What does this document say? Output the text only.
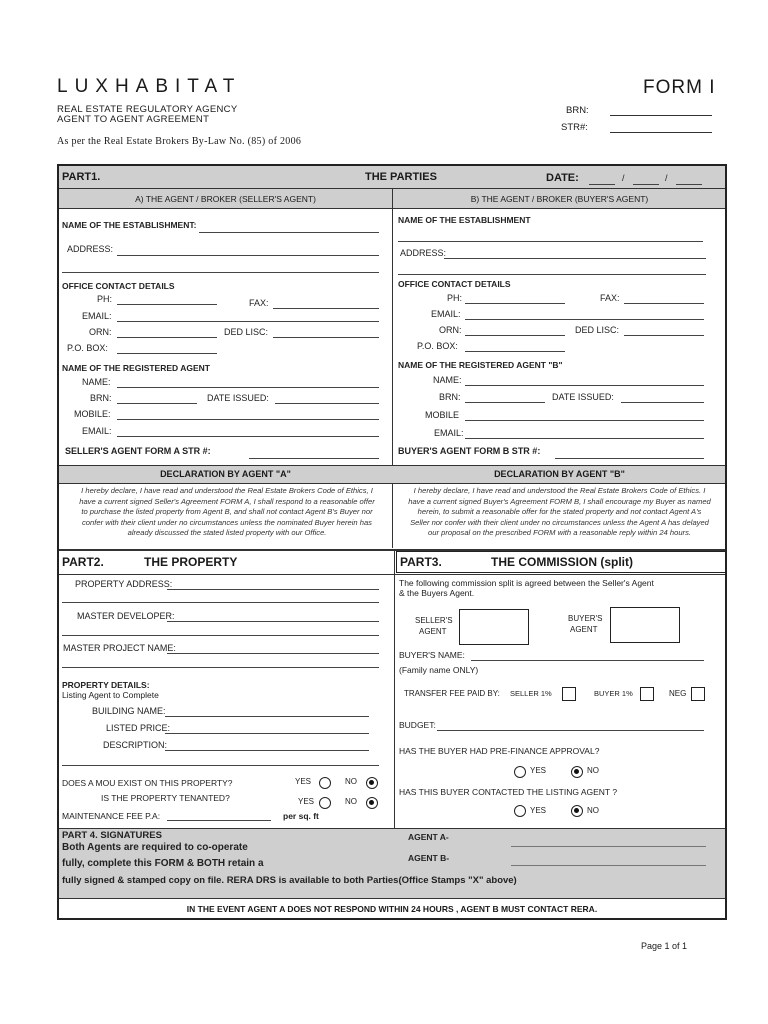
LUXHABITAT	FORM I
REAL ESTATE REGULATORY AGENCY
AGENT TO AGENT AGREEMENT
As per the Real Estate Brokers By-Law No. (85) of 2006
BRN:
STR#:
PART1.	THE PARTIES	DATE:	/	/
A) THE AGENT / BROKER (SELLER'S AGENT)	B) THE AGENT / BROKER (BUYER'S AGENT)
NAME OF THE ESTABLISHMENT:
ADDRESS:
OFFICE CONTACT DETAILS
PH:	FAX:
EMAIL:
ORN:	DED LISC:
P.O. BOX:
NAME OF THE REGISTERED AGENT
NAME:
BRN:	DATE ISSUED:
MOBILE:
EMAIL:
SELLER'S AGENT FORM A STR #:
NAME OF THE ESTABLISHMENT
ADDRESS:
OFFICE CONTACT DETAILS
PH:	FAX:
EMAIL:
ORN:	DED LISC:
P.O. BOX:
NAME OF THE REGISTERED AGENT "B"
NAME:
BRN:	DATE ISSUED:
MOBILE
EMAIL:
BUYER'S AGENT FORM B STR #:
DECLARATION BY AGENT "A"	DECLARATION BY AGENT "B"
I hereby declare, I have read and understood the Real Estate Brokers Code of Ethics, I have a current signed Seller's Agreement FORM A, I shall respond to a reasonable offer to purchase the listed property from Agent B, and shall not contact Agent B's Buyer nor confer with their client under no circumstances unless the nominated Buyer herein has already discussed the stated listed property with our Office.
I hereby declare, I have read and understood the Real Estate Brokers Code of Ethics. I have a current signed Buyer's Agreement FORM B, I shall encourage my Buyer as named herein, to submit a reasonable offer for the stated property and not contact Agent A's Seller nor confer with their client under no circumstances unless the Agent A has delayed our proposal on the prescribed FORM with a reasonable reply within 24 hours.
PART2.	THE PROPERTY	PART3.	THE COMMISSION (split)
PROPERTY ADDRESS:
MASTER DEVELOPER:
MASTER PROJECT NAME:
PROPERTY DETAILS:
Listing Agent to Complete
BUILDING NAME:
LISTED PRICE:
DESCRIPTION:
DOES A MOU EXIST ON THIS PROPERTY?	YES	NO
IS THE PROPERTY TENANTED?	YES	NO
MAINTENANCE FEE P.A:	per sq. ft
The following commission split is agreed between the Seller's Agent
& the Buyers Agent.
SELLER'S
AGENT
BUYER'S
AGENT
BUYER'S NAME:
(Family name ONLY)
TRANSFER FEE PAID BY: SELLER 1%	BUYER 1%	NEG
BUDGET:
HAS THE BUYER HAD PRE-FINANCE APPROVAL?
YES	NO
HAS THIS BUYER CONTACTED THE LISTING AGENT ?
YES	NO
PART 4. SIGNATURES
Both Agents are required to co-operate
fully, complete this FORM & BOTH retain a
fully signed & stamped copy on file. RERA DRS is available to both Parties(Office Stamps "X" above)
AGENT A-
AGENT B-
IN THE EVENT AGENT A DOES NOT RESPOND WITHIN 24 HOURS , AGENT B MUST CONTACT RERA.
Page 1 of 1
